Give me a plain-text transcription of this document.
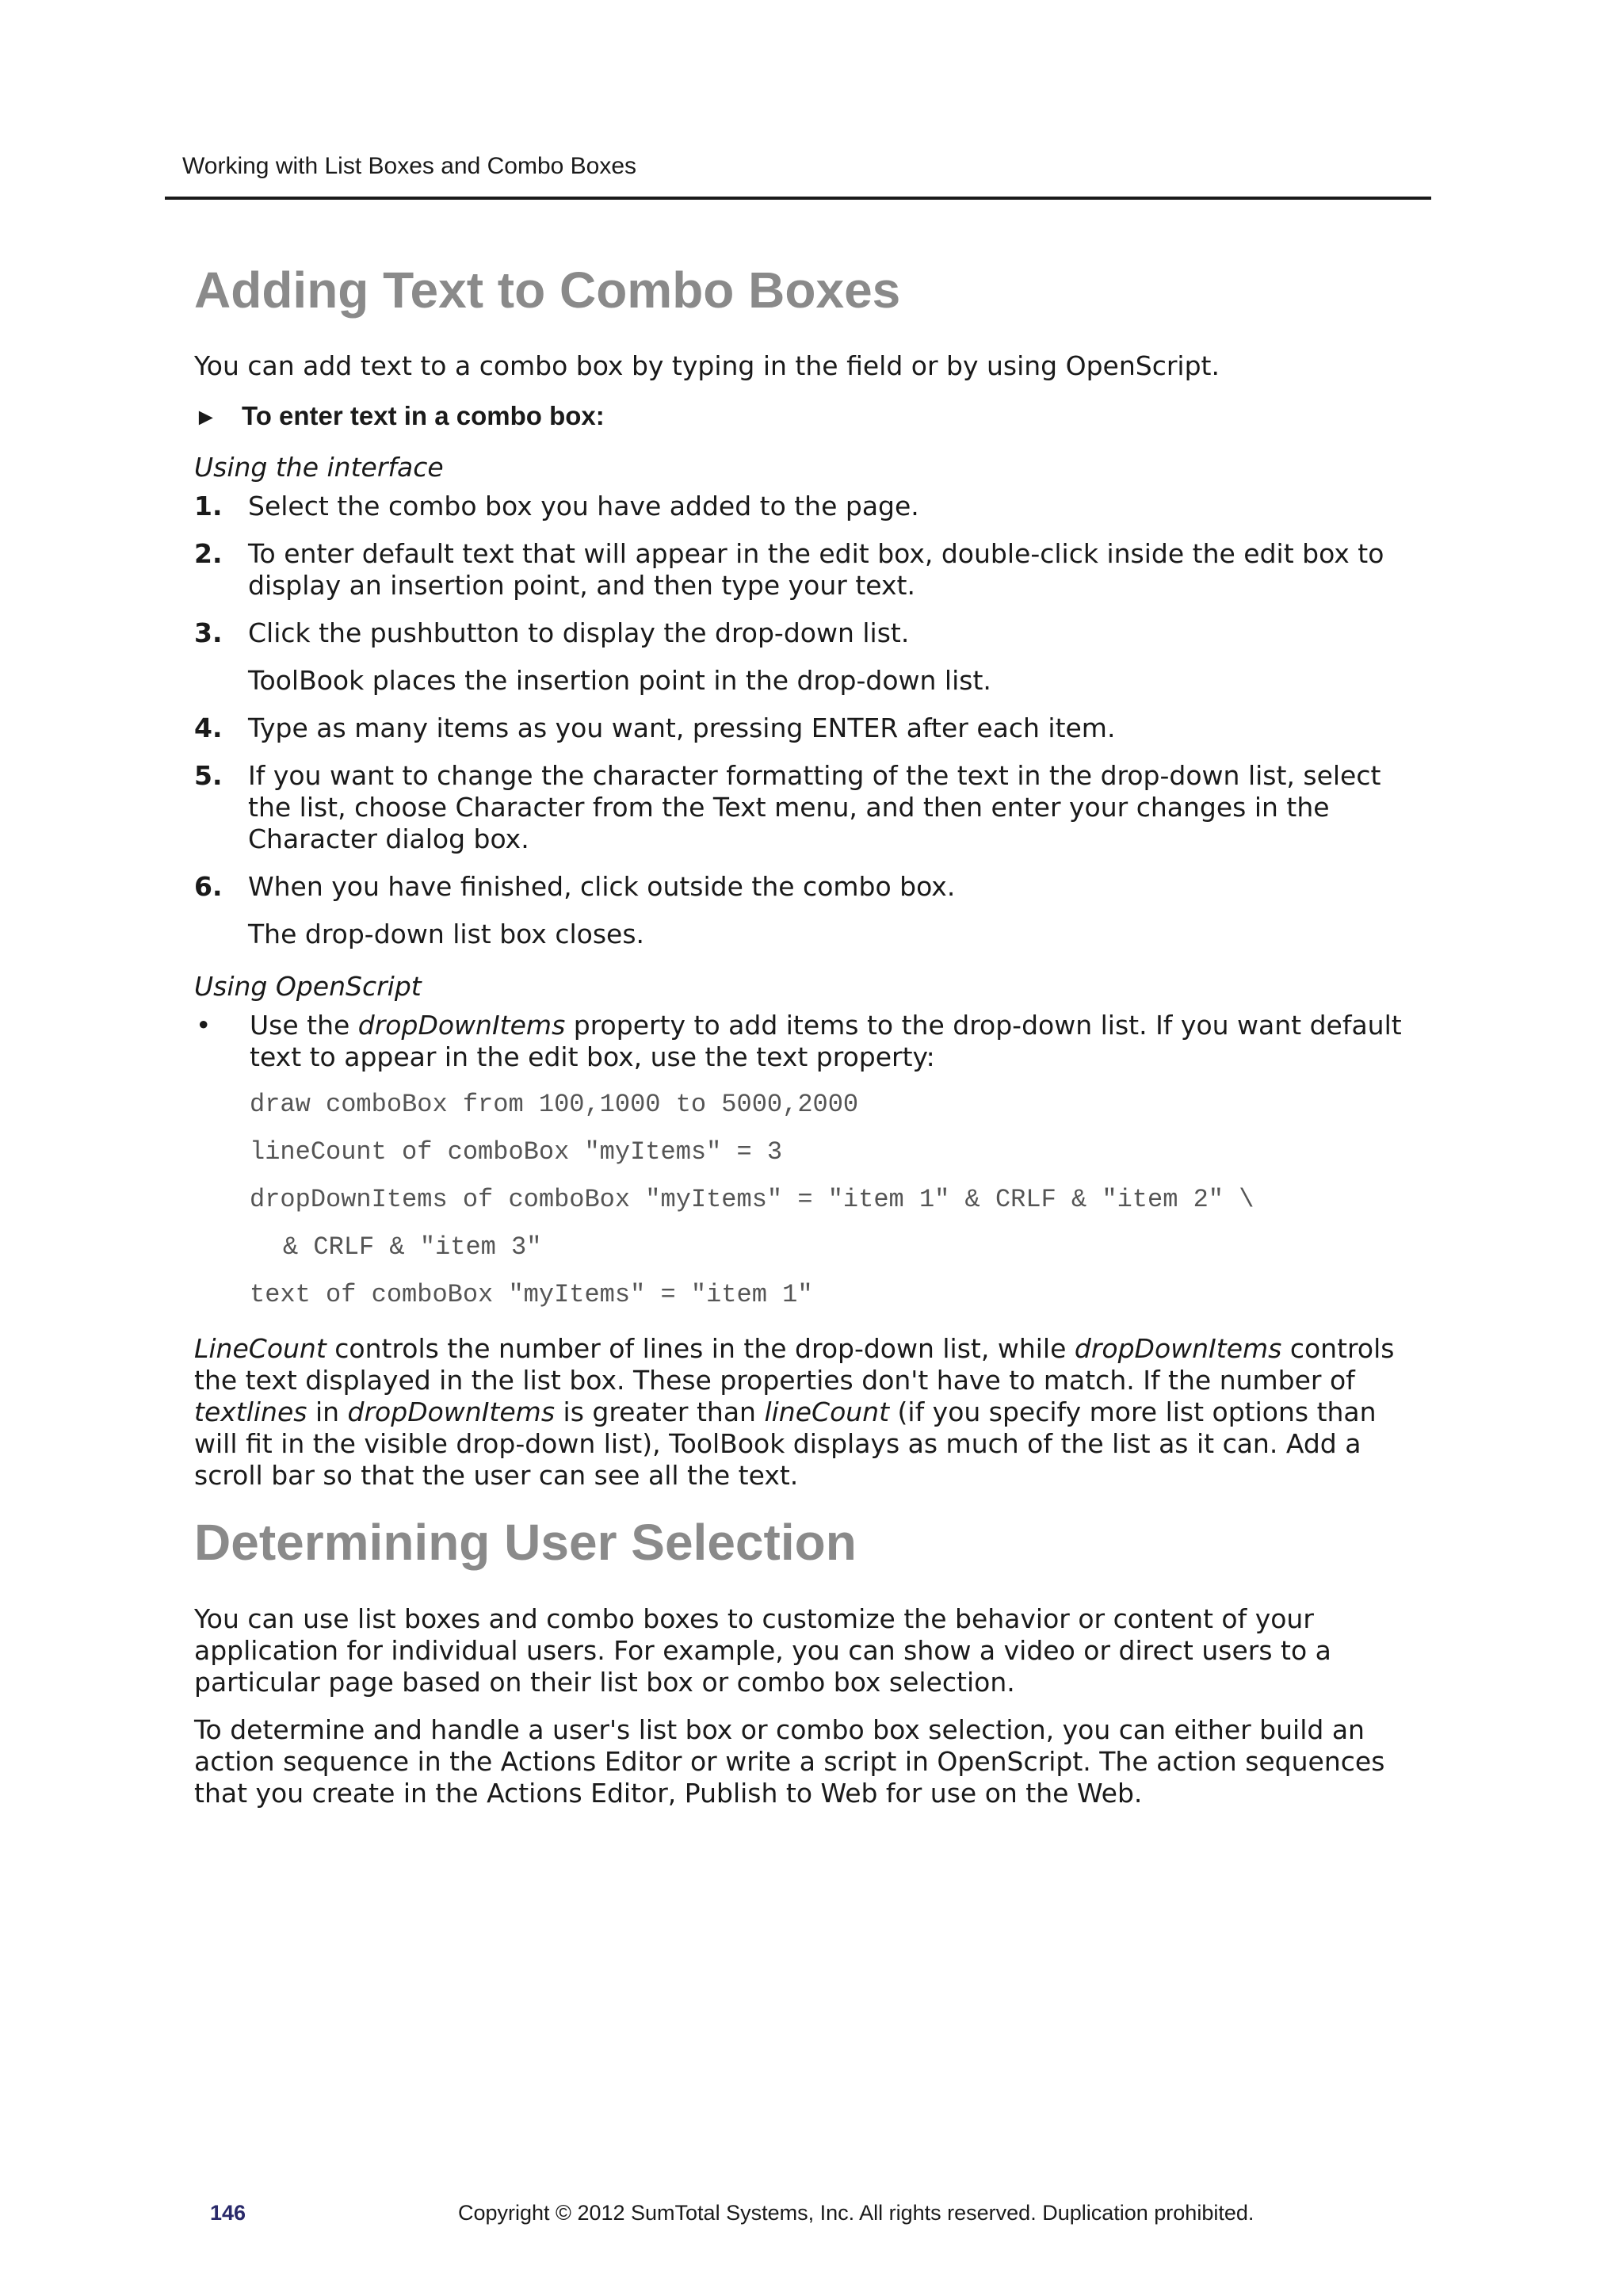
Working with List Boxes and Combo Boxes
Adding Text to Combo Boxes

You can add text to a combo box by typing in the field or by using OpenScript.

► To enter text in a combo box:
Using the interface
1. Select the combo box you have added to the page.

2. To enter default text that will appear in the edit box, double-click inside the edit box to display an insertion point, and then type your text.

3. Click the pushbutton to display the drop-down list.

ToolBook places the insertion point in the drop-down list.

4. Type as many items as you want, pressing ENTER after each item.

5. If you want to change the character formatting of the text in the drop-down list, select the list, choose Character from the Text menu, and then enter your changes in the Character dialog box.

6. When you have finished, click outside the combo box.

The drop-down list box closes.

Using OpenScript
•	Use the dropDownItems property to add items to the drop-down list. If you want default text to appear in the edit box, use the text property:

draw comboBox from 100,1000 to 5000,2000
lineCount of comboBox "myItems" = 3
dropDownItems of comboBox "myItems" = "item 1" & CRLF & "item 2" \
& CRLF & "item 3"
text of comboBox "myItems" = "item 1"

LineCount controls the number of lines in the drop-down list, while dropDownItems controls the text displayed in the list box. These properties don't have to match. If the number of textlines in dropDownItems is greater than lineCount (if you specify more list options than will fit in the visible drop-down list), ToolBook displays as much of the list as it can. Add a scroll bar so that the user can see all the text.

Determining User Selection

You can use list boxes and combo boxes to customize the behavior or content of your application for individual users. For example, you can show a video or direct users to a particular page based on their list box or combo box selection.

To determine and handle a user's list box or combo box selection, you can either build an action sequence in the Actions Editor or write a script in OpenScript. The action sequences that you create in the Actions Editor, Publish to Web for use on the Web.

146	Copyright © 2012 SumTotal Systems, Inc. All rights reserved. Duplication prohibited.
